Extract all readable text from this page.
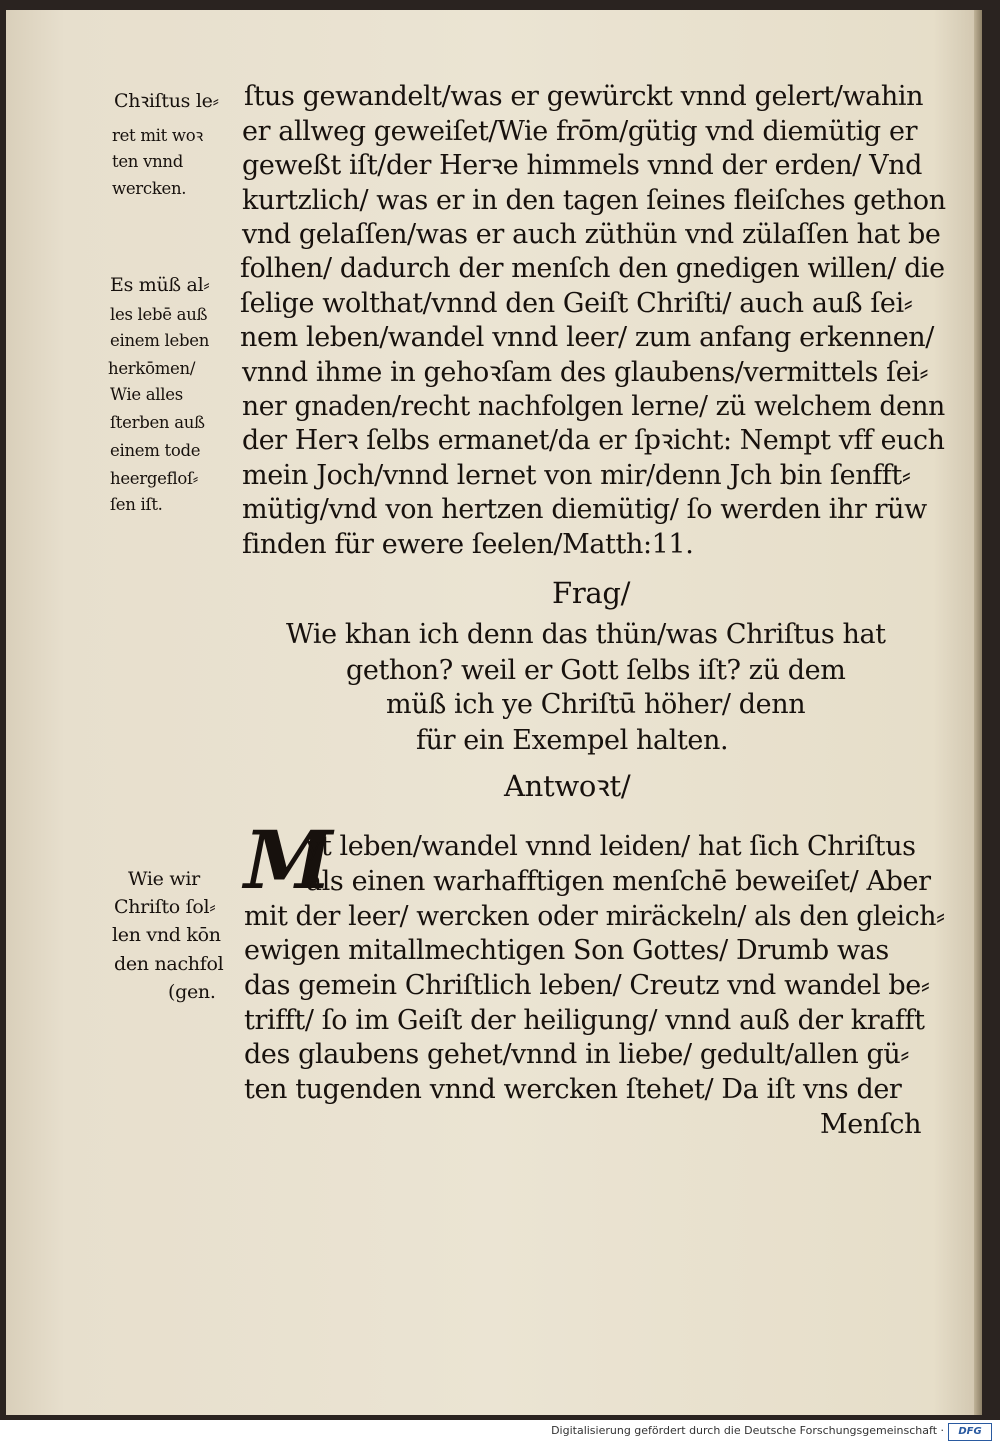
Chꝛiſtus le⸗
ret mit woꝛ
ten vnnd
wercken.
Es müß al⸗
les lebē auß
einem leben
herkōmen/
Wie alles
ſterben auß
einem tode
heergefloſ⸗
ſen iſt.
Wie wir
Chriſto ſol⸗
len vnd kōn
den nachfol
(gen.
ſtus gewandelt/was er gewürckt vnnd gelert/wahin
er allweg geweiſet/Wie frōm/gütig vnd diemütig er
geweßt iſt/der Herꝛe himmels vnnd der erden/ Vnd
kurtzlich/ was er in den tagen ſeines fleiſches gethon
vnd gelaſſen/was er auch züthün vnd zülaſſen hat be
folhen/ dadurch der menſch den gnedigen willen/ die
ſelige wolthat/vnnd den Geiſt Chriſti/ auch auß ſei⸗
nem leben/wandel vnnd leer/ zum anfang erkennen/
vnnd ihme in gehoꝛſam des glaubens/vermittels ſei⸗
ner gnaden/recht nachfolgen lerne/ zü welchem denn
der Herꝛ ſelbs ermanet/da er ſpꝛicht: Nempt vff euch
mein Joch/vnnd lernet von mir/denn Jch bin ſenfft⸗
mütig/vnd von hertzen diemütig/ ſo werden ihr rüw
finden für ewere ſeelen/Matth:11.
Frag/
Wie khan ich denn das thün/was Chriſtus hat
gethon? weil er Gott ſelbs iſt? zü dem
müß ich ye Chriſtū höher/ denn
für ein Exempel halten.
Antwoꝛt/
M
yt leben/wandel vnnd leiden/ hat ſich Chriſtus
als einen warhafftigen menſchē beweiſet/ Aber
mit der leer/ wercken oder miräckeln/ als den gleich⸗
ewigen mitallmechtigen Son Gottes/ Drumb was
das gemein Chriſtlich leben/ Creutz vnd wandel be⸗
trifft/ ſo im Geiſt der heiligung/ vnnd auß der krafft
des glaubens gehet/vnnd in liebe/ gedult/allen gü⸗
ten tugenden vnnd wercken ſtehet/ Da iſt vns der
Menſch
Digitalisierung gefördert durch die Deutsche Forschungsgemeinschaft ·	DFG
